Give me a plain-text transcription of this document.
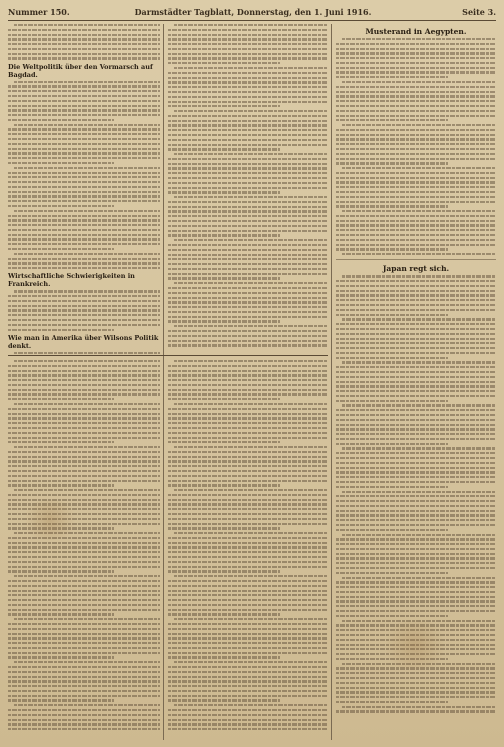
Nummer 150.	Darmstädter Tagblatt, Donnerstag, den 1. Juni 1916.	Seite 3.
Die Weltpolitik über den Vormarsch auf Bagdad.
Wirtschaftliche Schwierigkeiten in Frankreich.
Wie man in Amerika über Wilsons Politik denkt.
Musterand in Aegypten.
Japan regt sich.
